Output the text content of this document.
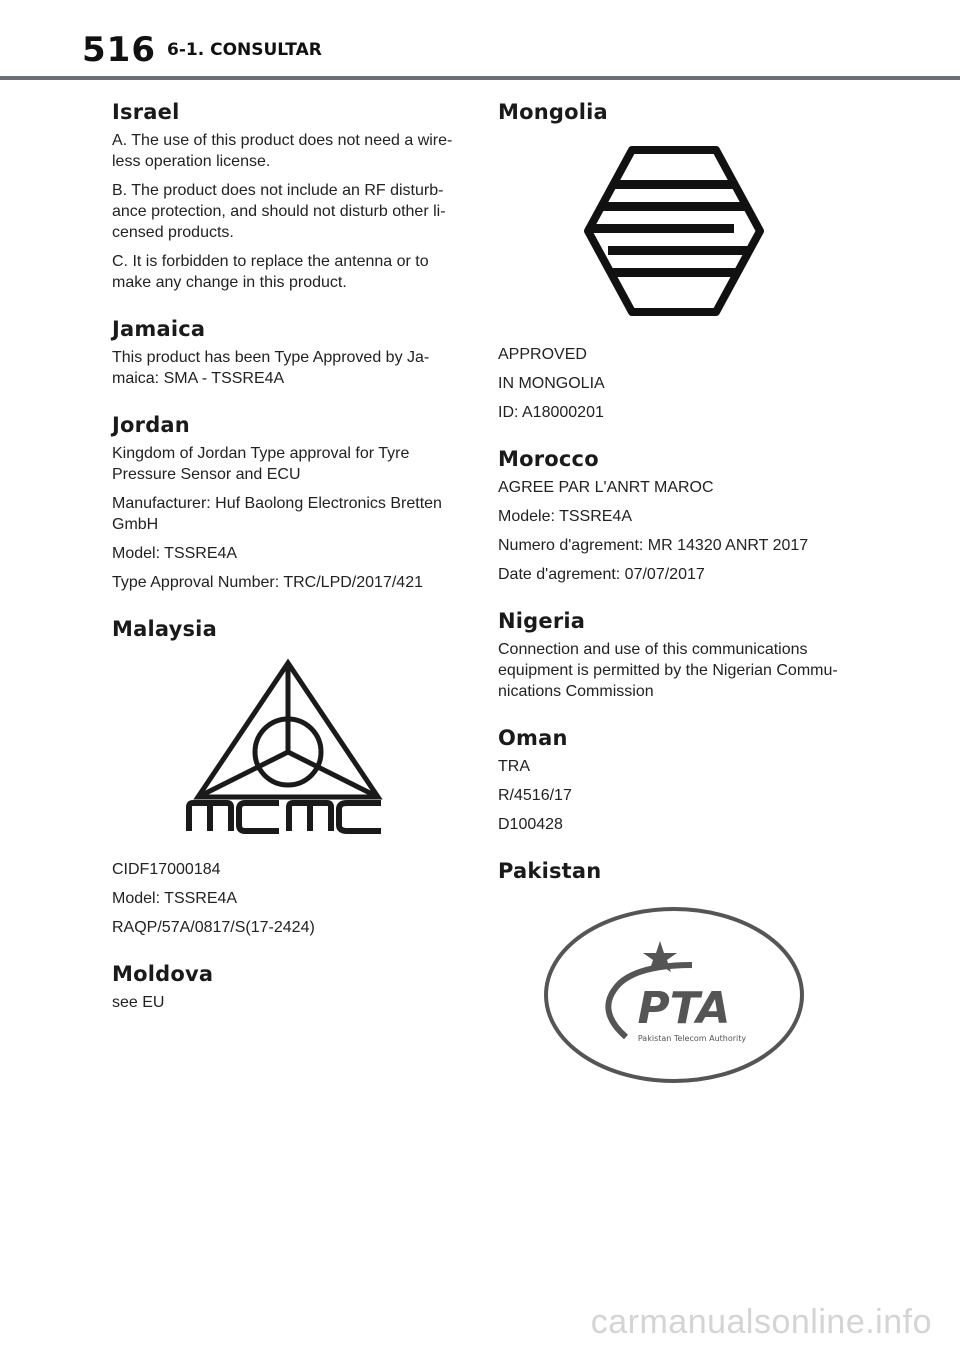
516 6-1. CONSULTAR
Israel

A. The use of this product does not need a wire-less operation license.

B. The product does not include an RF disturb-ance protection, and should not disturb other li-censed products.

C. It is forbidden to replace the antenna or to make any change in this product.

Jamaica

This product has been Type Approved by Ja-maica: SMA - TSSRE4A

Jordan

Kingdom of Jordan Type approval for Tyre Pressure Sensor and ECU

Manufacturer: Huf Baolong Electronics Bretten GmbH

Model: TSSRE4A

Type Approval Number: TRC/LPD/2017/421

Malaysia

CIDF17000184

Model: TSSRE4A

RAQP/57A/0817/S(17-2424)

Moldova

see EU

Mongolia

APPROVED

IN MONGOLIA

ID: A18000201

Morocco

AGREE PAR L'ANRT MAROC

Modele: TSSRE4A

Numero d'agrement: MR 14320 ANRT 2017

Date d'agrement: 07/07/2017

Nigeria

Connection and use of this communications equipment is permitted by the Nigerian Commu-nications Commission

Oman

TRA

R/4516/17

D100428

Pakistan
PTA
Pakistan Telecom Authority
carmanualsonline.info
